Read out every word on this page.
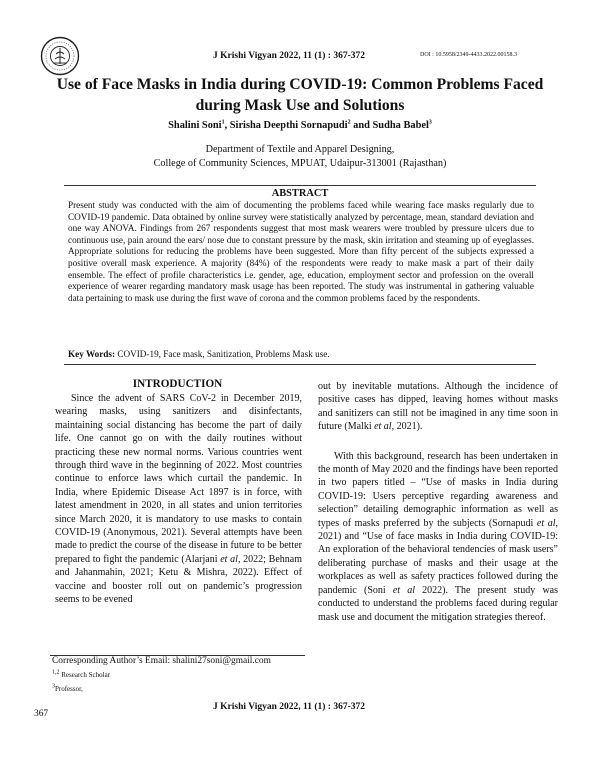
J Krishi Vigyan 2022, 11 (1) : 367-372	DOI : 10.5958/2349-4433.2022.00158.3
Use of Face Masks in India during COVID-19: Common Problems Faced during Mask Use and Solutions
Shalini Soni$^1$, Sirisha Deepthi Sornapudi$^2$ and Sudha Babel$^3$
Department of Textile and Apparel Designing,
College of Community Sciences, MPUAT, Udaipur-313001 (Rajasthan)
ABSTRACT
Present study was conducted with the aim of documenting the problems faced while wearing face masks regularly due to COVID-19 pandemic. Data obtained by online survey were statistically analyzed by percentage, mean, standard deviation and one way ANOVA. Findings from 267 respondents suggest that most mask wearers were troubled by pressure ulcers due to continuous use, pain around the ears/ nose due to constant pressure by the mask, skin irritation and steaming up of eyeglasses. Appropriate solutions for reducing the problems have been suggested. More than fifty percent of the subjects expressed a positive overall mask experience. A majority (84%) of the respondents were ready to make mask a part of their daily ensemble. The effect of profile characteristics i.e. gender, age, education, employment sector and profession on the overall experience of wearer regarding mandatory mask usage has been reported. The study was instrumental in gathering valuable data pertaining to mask use during the first wave of corona and the common problems faced by the respondents.
Key Words: COVID-19, Face mask, Sanitization, Problems Mask use.
INTRODUCTION

Since the advent of SARS CoV-2 in December 2019, wearing masks, using sanitizers and disinfectants, maintaining social distancing has become the part of daily life. One cannot go on with the daily routines without practicing these new normal norms. Various countries went through third wave in the beginning of 2022. Most countries continue to enforce laws which curtail the pandemic. In India, where Epidemic Disease Act 1897 is in force, with latest amendment in 2020, in all states and union territories since March 2020, it is mandatory to use masks to contain COVID-19 (Anonymous, 2021). Several attempts have been made to predict the course of the disease in future to be better prepared to fight the pandemic (Alarjani et al, 2022; Behnam and Jahanmahin, 2021; Ketu & Mishra, 2022). Effect of vaccine and booster roll out on pandemic’s progression seems to be evened

out by inevitable mutations. Although the incidence of positive cases has dipped, leaving homes without masks and sanitizers can still not be imagined in any time soon in future (Malki et al, 2021).

With this background, research has been undertaken in the month of May 2020 and the findings have been reported in two papers titled – “Use of masks in India during COVID-19: Users perceptive regarding awareness and selection” detailing demographic information as well as types of masks preferred by the subjects (Sornapudi et al, 2021) and “Use of face masks in India during COVID-19: An exploration of the behavioral tendencies of mask users” deliberating purchase of masks and their usage at the workplaces as well as safety practices followed during the pandemic (Soni et al 2022). The present study was conducted to understand the problems faced during regular mask use and document the mitigation strategies thereof.

Corresponding Author’s Email: shalini27soni@gmail.com
$^{1,2}$ Research Scholar
$^3$Professor,
367
J Krishi Vigyan 2022, 11 (1) : 367-372
